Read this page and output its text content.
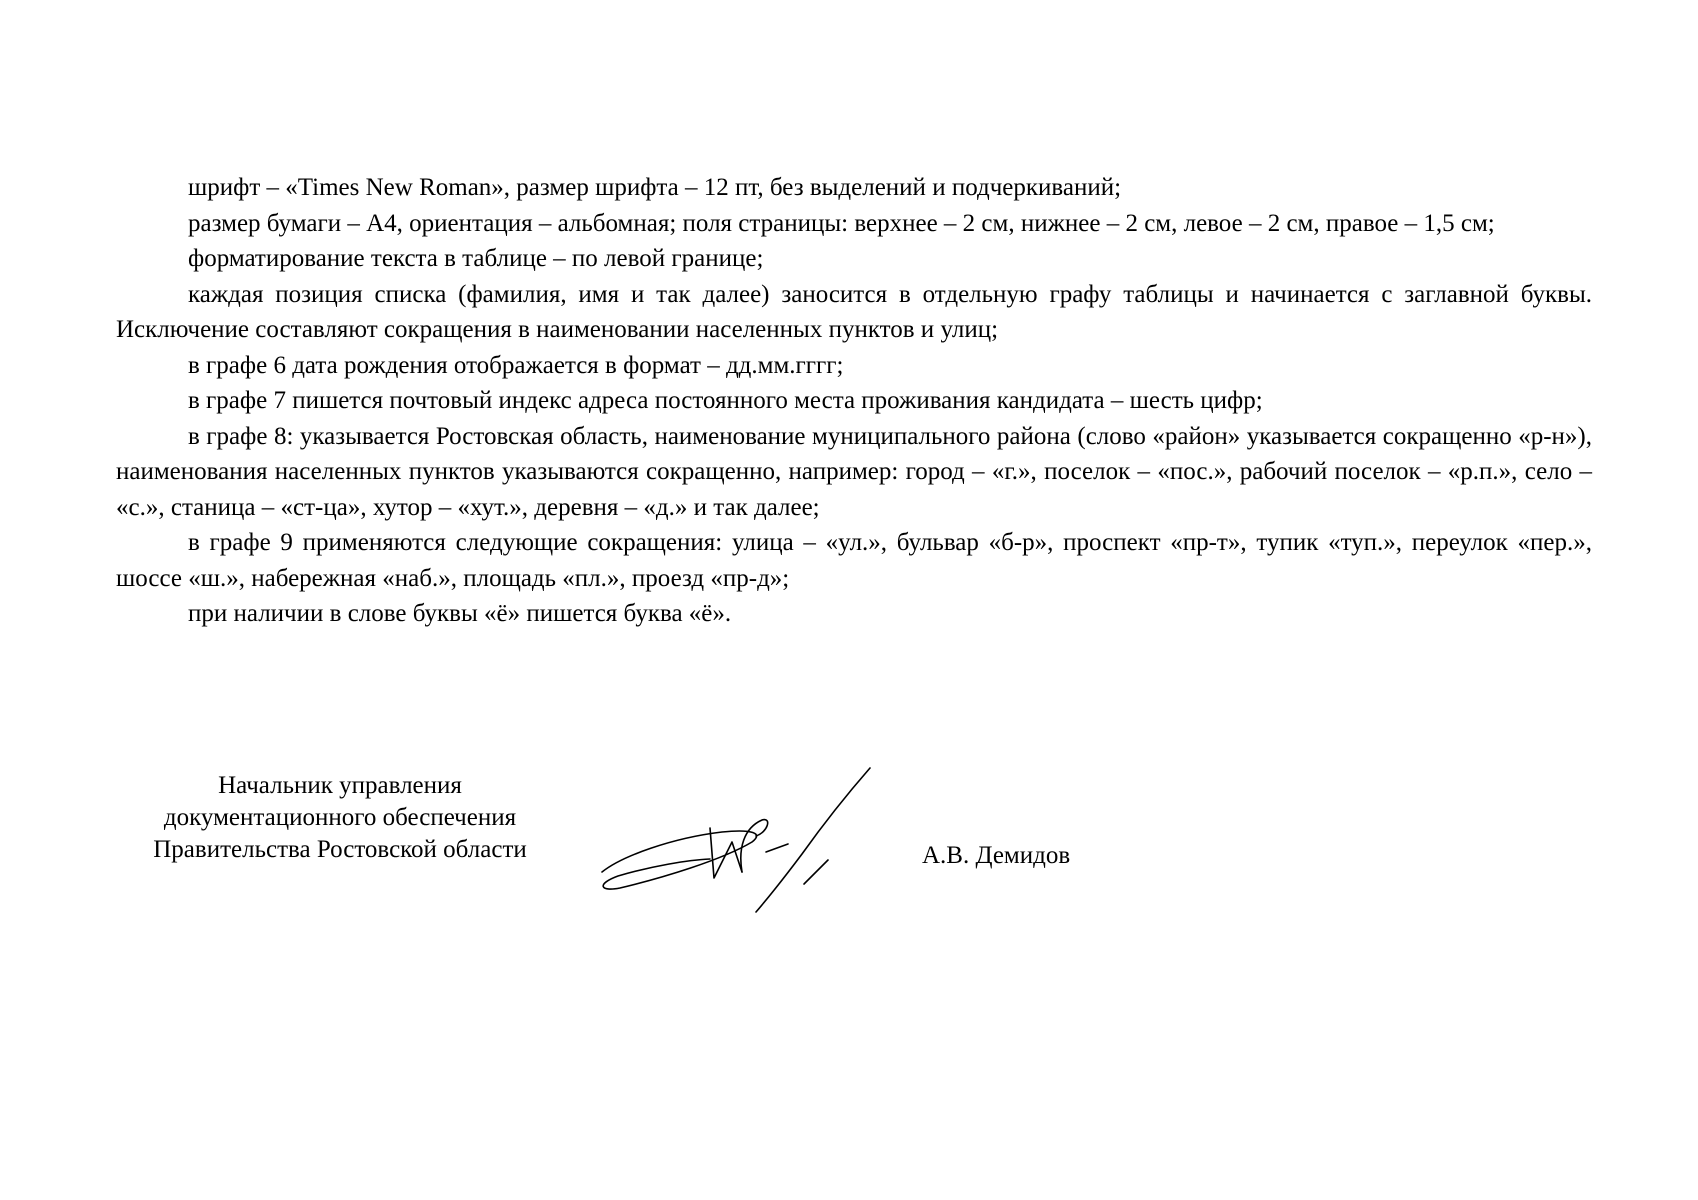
шрифт – «Times New Roman», размер шрифта – 12 пт, без выделений и подчеркиваний;

размер бумаги – А4, ориентация – альбомная; поля страницы: верхнее – 2 см, нижнее – 2 см, левое – 2 см, правое – 1,5 см;

форматирование текста в таблице – по левой границе;

каждая позиция списка (фамилия, имя и так далее) заносится в отдельную графу таблицы и начинается с заглавной буквы. Исключение составляют сокращения в наименовании населенных пунктов и улиц;

в графе 6 дата рождения отображается в формат – дд.мм.гггг;

в графе 7 пишется почтовый индекс адреса постоянного места проживания кандидата – шесть цифр;

в графе 8: указывается Ростовская область, наименование муниципального района (слово «район» указывается сокращенно «р-н»), наименования населенных пунктов указываются сокращенно, например: город – «г.», поселок – «пос.», рабочий поселок – «р.п.», село – «с.», станица – «ст-ца», хутор – «хут.», деревня – «д.» и так далее;

в графе 9 применяются следующие сокращения: улица – «ул.», бульвар «б-р», проспект «пр-т», тупик «туп.», переулок «пер.», шоссе «ш.», набережная «наб.», площадь «пл.», проезд «пр-д»;

при наличии в слове буквы «ё» пишется буква «ё».

Начальник управления
документационного обеспечения
Правительства Ростовской области	А.В. Демидов
